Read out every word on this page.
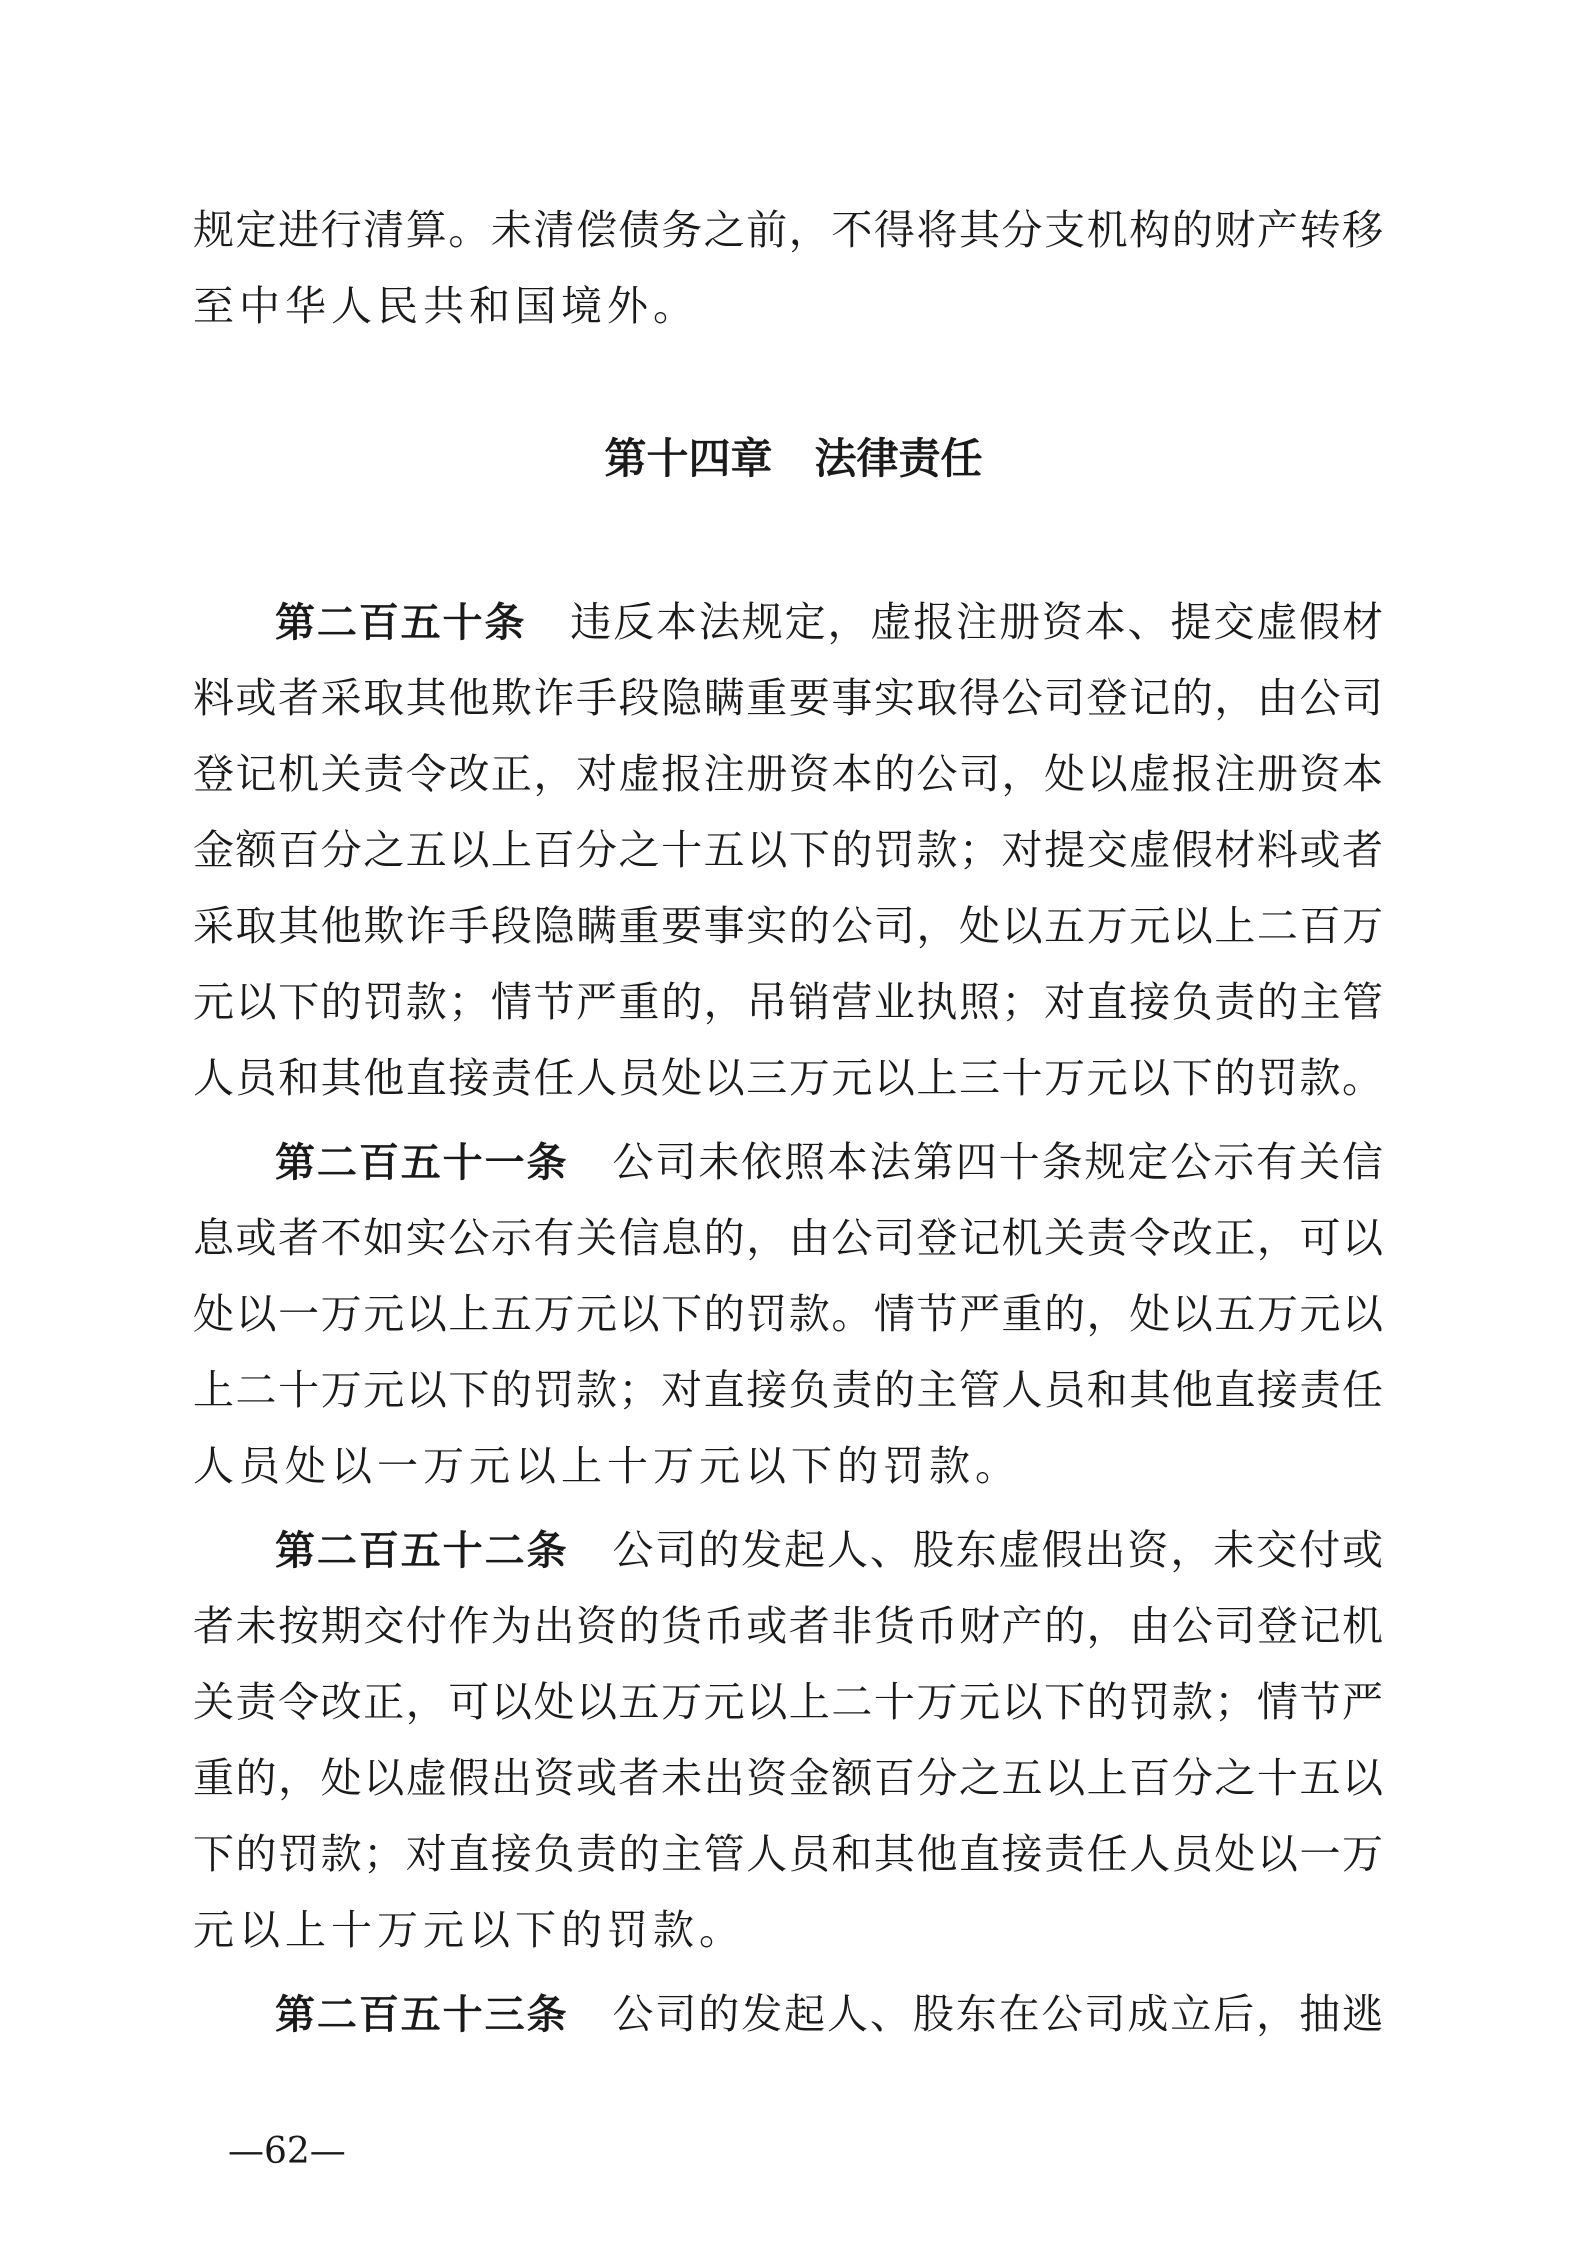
规定进行清算。未清偿债务之前，不得将其分支机构的财产转移
至中华人民共和国境外。
第十四章　法律责任
第二百五十条 违反本法规定，虚报注册资本、提交虚假材
料或者采取其他欺诈手段隐瞒重要事实取得公司登记的，由公司
登记机关责令改正，对虚报注册资本的公司，处以虚报注册资本
金额百分之五以上百分之十五以下的罚款；对提交虚假材料或者
采取其他欺诈手段隐瞒重要事实的公司，处以五万元以上二百万
元以下的罚款；情节严重的，吊销营业执照；对直接负责的主管
人员和其他直接责任人员处以三万元以上三十万元以下的罚款。
第二百五十一条 公司未依照本法第四十条规定公示有关信
息或者不如实公示有关信息的，由公司登记机关责令改正，可以
处以一万元以上五万元以下的罚款。情节严重的，处以五万元以
上二十万元以下的罚款；对直接负责的主管人员和其他直接责任
人员处以一万元以上十万元以下的罚款。
第二百五十二条 公司的发起人、股东虚假出资，未交付或
者未按期交付作为出资的货币或者非货币财产的，由公司登记机
关责令改正，可以处以五万元以上二十万元以下的罚款；情节严
重的，处以虚假出资或者未出资金额百分之五以上百分之十五以
下的罚款；对直接负责的主管人员和其他直接责任人员处以一万
元以上十万元以下的罚款。
第二百五十三条 公司的发起人、股东在公司成立后，抽逃
—62—
